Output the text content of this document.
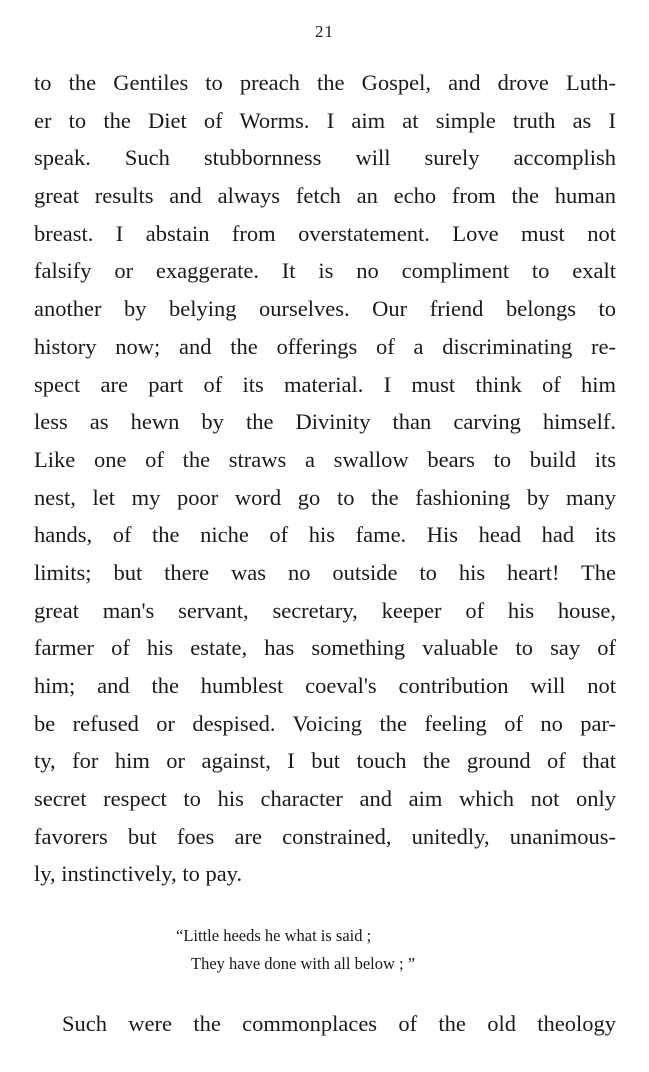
21
to the Gentiles to preach the Gospel, and drove Luth-
er to the Diet of Worms. I aim at simple truth as I
speak. Such stubbornness will surely accomplish
great results and always fetch an echo from the human
breast. I abstain from overstatement. Love must not
falsify or exaggerate. It is no compliment to exalt
another by belying ourselves. Our friend belongs to
history now; and the offerings of a discriminating re-
spect are part of its material. I must think of him
less as hewn by the Divinity than carving himself.
Like one of the straws a swallow bears to build its
nest, let my poor word go to the fashioning by many
hands, of the niche of his fame. His head had its
limits; but there was no outside to his heart! The
great man's servant, secretary, keeper of his house,
farmer of his estate, has something valuable to say of
him; and the humblest coeval's contribution will not
be refused or despised. Voicing the feeling of no par-
ty, for him or against, I but touch the ground of that
secret respect to his character and aim which not only
favorers but foes are constrained, unitedly, unanimous-
ly, instinctively, to pay.
“Little heeds he what is said ;
They have done with all below ; ”
Such were the commonplaces of the old theology
